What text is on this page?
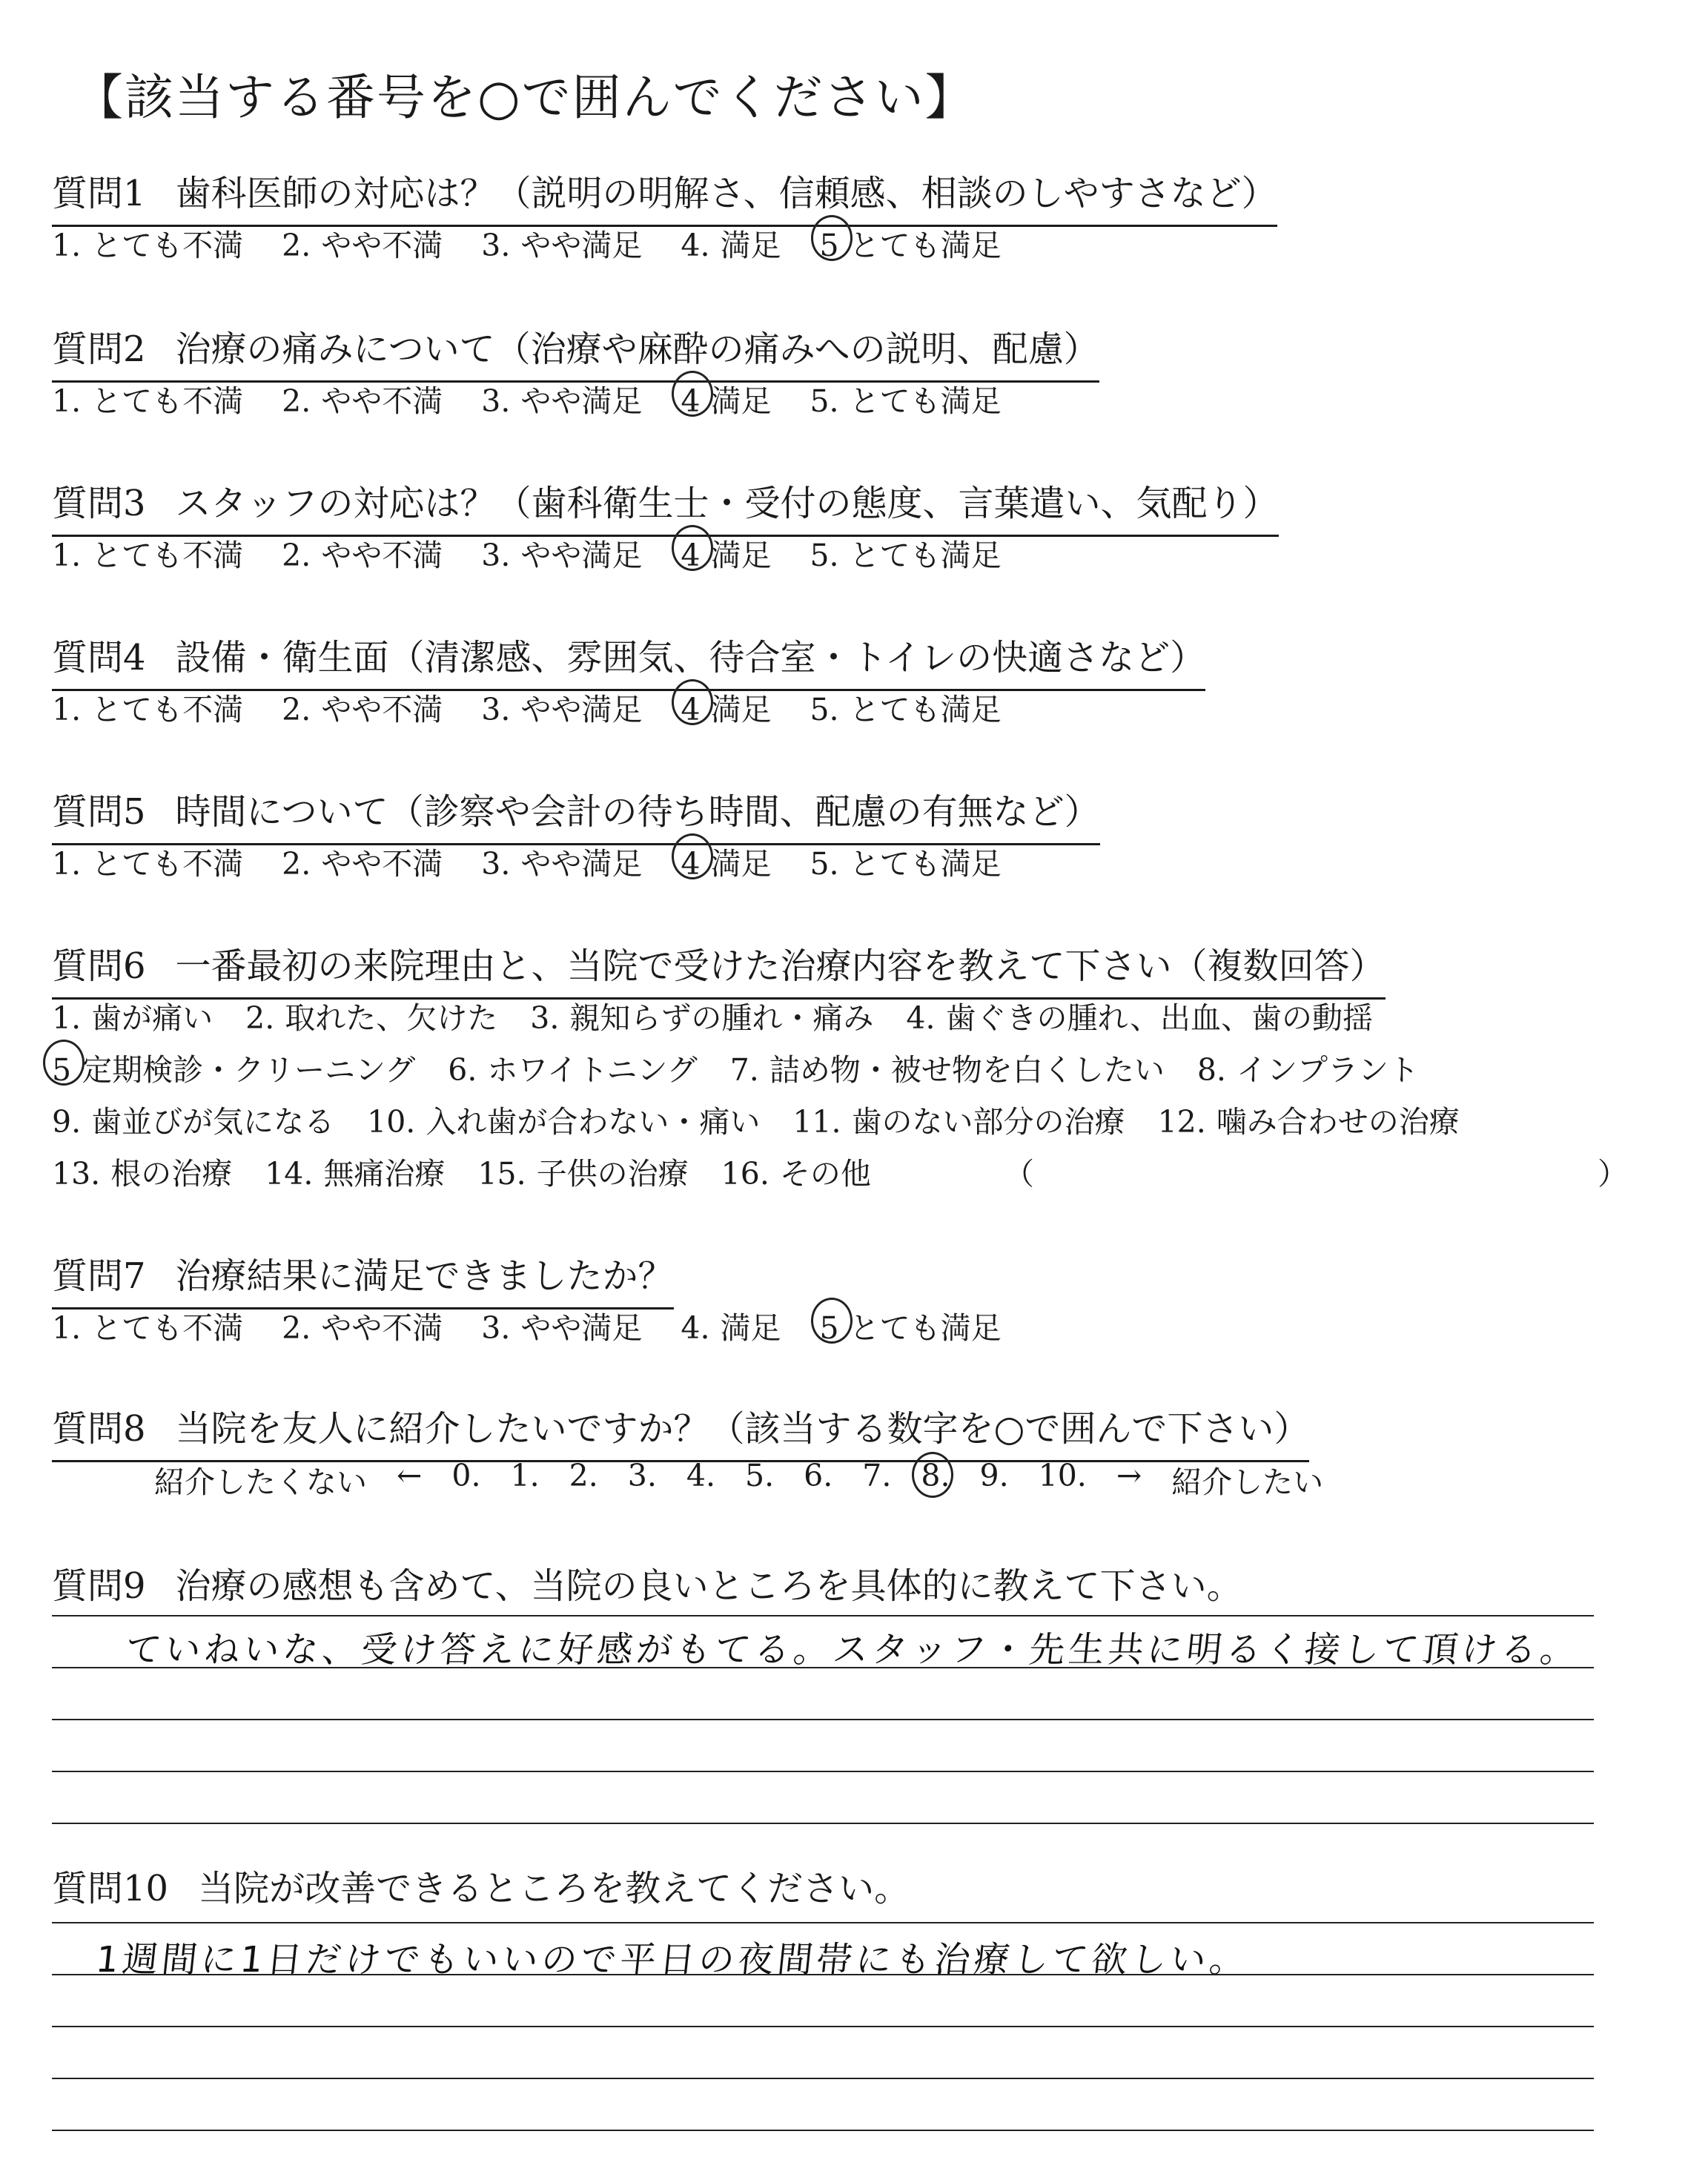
【該当する番号を○で囲んでください】
質問1 歯科医師の対応は？（説明の明解さ、信頼感、相談のしやすさなど）
1. とても不満 2. やや不満 3. やや満足 4. 満足 5 とても満足
質問2 治療の痛みについて（治療や麻酔の痛みへの説明、配慮）
1. とても不満 2. やや不満 3. やや満足 4 満足 5. とても満足
質問3 スタッフの対応は？（歯科衛生士・受付の態度、言葉遣い、気配り）
1. とても不満 2. やや不満 3. やや満足 4 満足 5. とても満足
質問4 設備・衛生面（清潔感、雰囲気、待合室・トイレの快適さなど）
1. とても不満 2. やや不満 3. やや満足 4 満足 5. とても満足
質問5 時間について（診察や会計の待ち時間、配慮の有無など）
1. とても不満 2. やや不満 3. やや満足 4 満足 5. とても満足
質問6 一番最初の来院理由と、当院で受けた治療内容を教えて下さい（複数回答）
1. 歯が痛い 2. 取れた、欠けた 3. 親知らずの腫れ・痛み 4. 歯ぐきの腫れ、出血、歯の動揺
5 定期検診・クリーニング 6. ホワイトニング 7. 詰め物・被せ物を白くしたい 8. インプラント
9. 歯並びが気になる 10. 入れ歯が合わない・痛い 11. 歯のない部分の治療 12. 噛み合わせの治療
13. 根の治療 14. 無痛治療 15. 子供の治療 16. その他	（	）
質問7 治療結果に満足できましたか？
1. とても不満 2. やや不満 3. やや満足 4. 満足 5 とても満足
質問8 当院を友人に紹介したいですか？（該当する数字を○で囲んで下さい）
紹介したくない ← 0. 1. 2. 3. 4. 5. 6. 7. 8. 9. 10. → 紹介したい
質問9 治療の感想も含めて、当院の良いところを具体的に教えて下さい。
ていねいな、受け答えに好感がもてる。スタッフ・先生共に明るく接して頂ける。
質問10 当院が改善できるところを教えてください。
1週間に1日だけでもいいので平日の夜間帯にも治療して欲しい。
